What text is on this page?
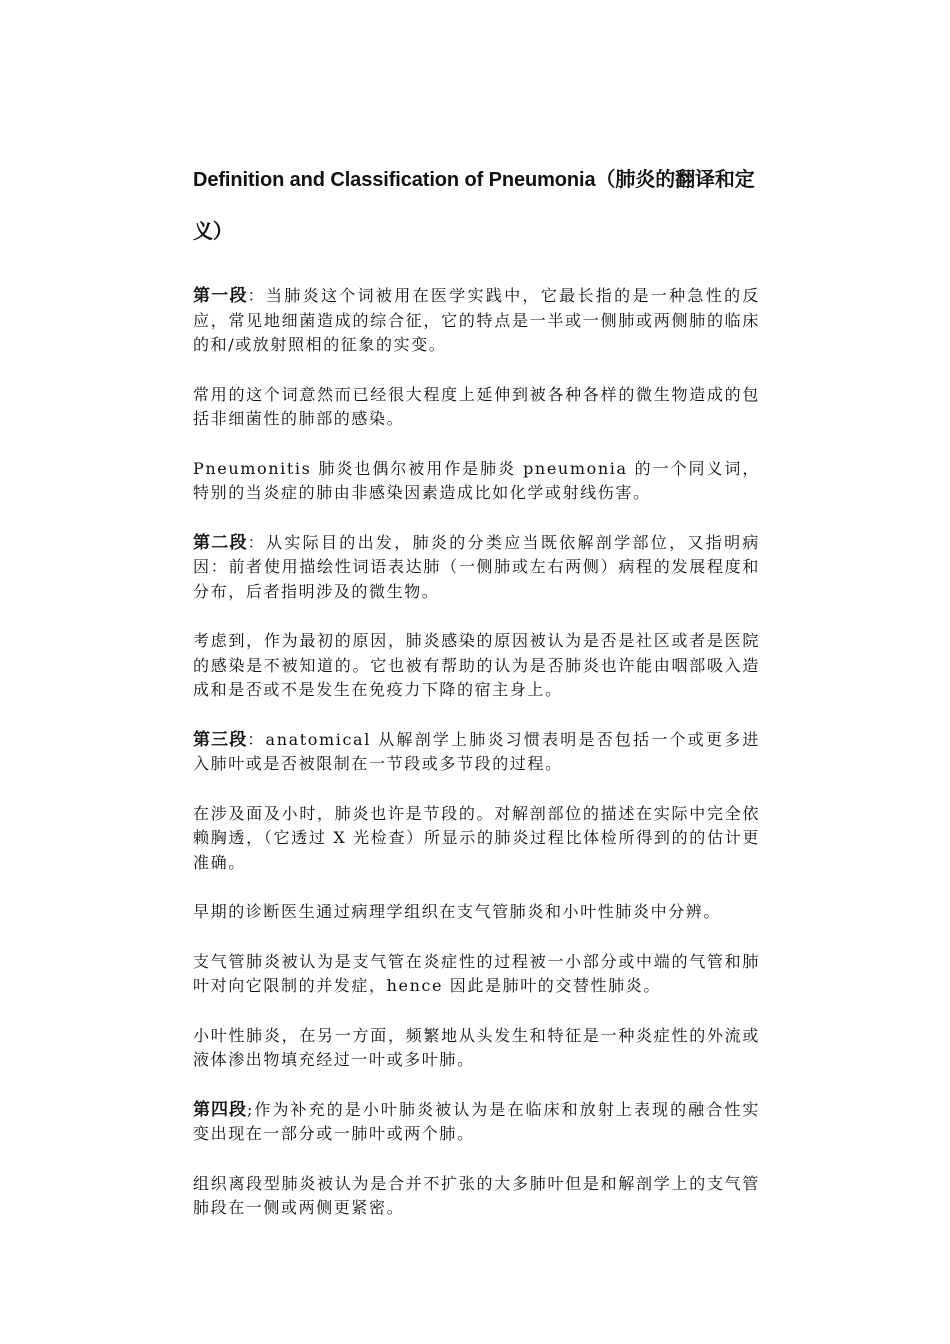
Definition and Classification of Pneumonia（肺炎的翻译和定义）

第一段：当肺炎这个词被用在医学实践中，它最长指的是一种急性的反应，常见地细菌造成的综合征，它的特点是一半或一侧肺或两侧肺的临床的和/或放射照相的征象的实变。

常用的这个词意然而已经很大程度上延伸到被各种各样的微生物造成的包括非细菌性的肺部的感染。

Pneumonitis 肺炎也偶尔被用作是肺炎 pneumonia 的一个同义词，特别的当炎症的肺由非感染因素造成比如化学或射线伤害。

第二段：从实际目的出发，肺炎的分类应当既依解剖学部位，又指明病因：前者使用描绘性词语表达肺（一侧肺或左右两侧）病程的发展程度和分布，后者指明涉及的微生物。

考虑到，作为最初的原因，肺炎感染的原因被认为是否是社区或者是医院的感染是不被知道的。它也被有帮助的认为是否肺炎也许能由咽部吸入造成和是否或不是发生在免疫力下降的宿主身上。

第三段：anatomical 从解剖学上肺炎习惯表明是否包括一个或更多进入肺叶或是否被限制在一节段或多节段的过程。

在涉及面及小时，肺炎也许是节段的。对解剖部位的描述在实际中完全依赖胸透，（它透过 X 光检查）所显示的肺炎过程比体检所得到的的估计更准确。

早期的诊断医生通过病理学组织在支气管肺炎和小叶性肺炎中分辨。

支气管肺炎被认为是支气管在炎症性的过程被一小部分或中端的气管和肺叶对向它限制的并发症，hence 因此是肺叶的交替性肺炎。

小叶性肺炎，在另一方面，频繁地从头发生和特征是一种炎症性的外流或液体渗出物填充经过一叶或多叶肺。

第四段;作为补充的是小叶肺炎被认为是在临床和放射上表现的融合性实变出现在一部分或一肺叶或两个肺。

组织离段型肺炎被认为是合并不扩张的大多肺叶但是和解剖学上的支气管肺段在一侧或两侧更紧密。
